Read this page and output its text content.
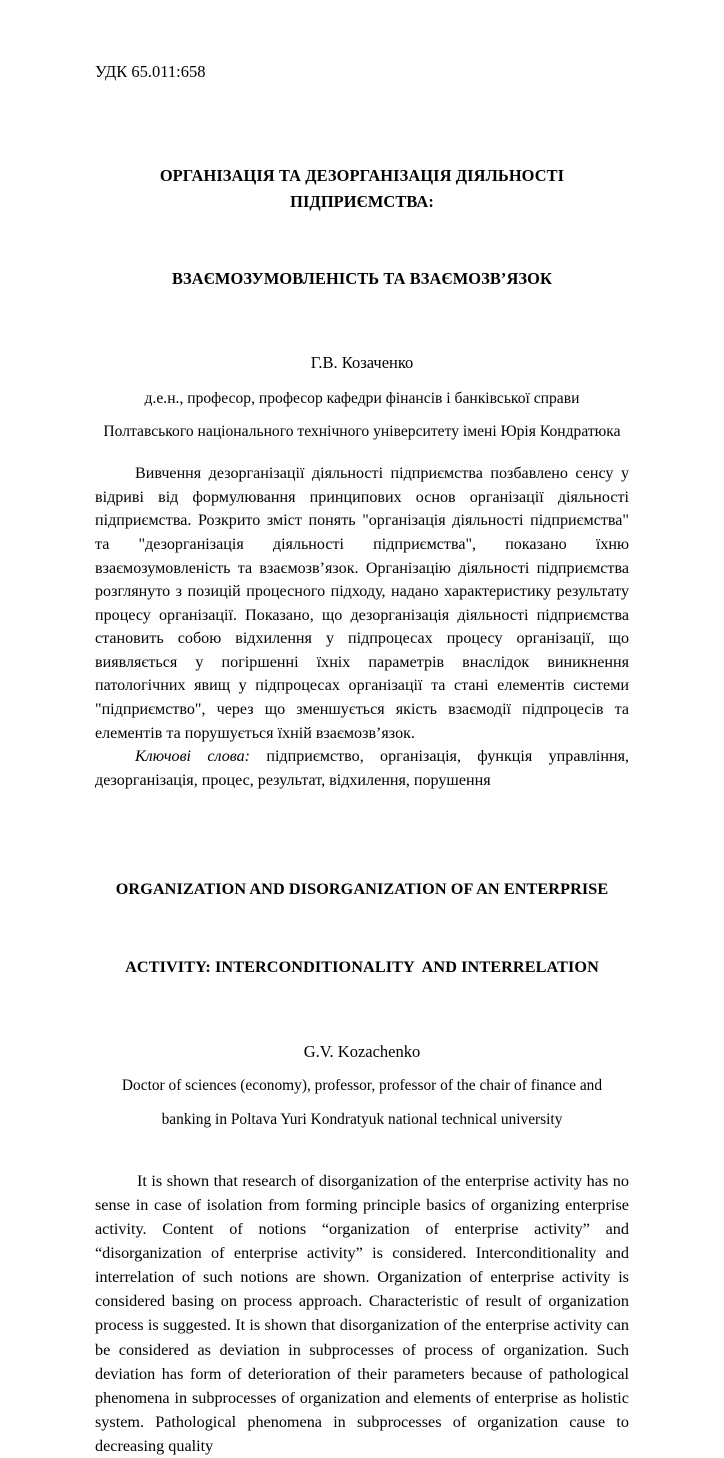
УДК 65.011:658

ОРГАНІЗАЦІЯ ТА ДЕЗОРГАНІЗАЦІЯ ДІЯЛЬНОСТІ ПІДПРИЄМСТВА:

ВЗАЄМОЗУМОВЛЕНІСТЬ ТА ВЗАЄМОЗВ’ЯЗОК

Г.В. Козаченко
д.е.н., професор, професор кафедри фінансів і банківської справи
Полтавського національного технічного університету імені Юрія Кондратюка
Вивчення дезорганізації діяльності підприємства позбавлено сенсу у відриві від формулювання принципових основ організації діяльності підприємства. Розкрито зміст понять "організація діяльності підприємства" та "дезорганізація діяльності підприємства", показано їхню взаємозумовленість та взаємозв’язок. Організацію діяльності підприємства розглянуто з позицій процесного підходу, надано характеристику результату процесу організації. Показано, що дезорганізація діяльності підприємства становить собою відхилення у підпроцесах процесу організації, що виявляється у погіршенні їхніх параметрів внаслідок виникнення патологічних явищ у підпроцесах організації та стані елементів системи "підприємство", через що зменшується якість взаємодії підпроцесів та елементів та порушується їхній взаємозв’язок.
Ключові слова: підприємство, організація, функція управління, дезорганізація, процес, результат, відхилення, порушення

ORGANIZATION AND DISORGANIZATION OF AN ENTERPRISE

ACTIVITY: INTERCONDITIONALITY  AND INTERRELATION

G.V. Kozachenko
Doctor of sciences (economy), professor, professor of the chair of finance and
banking in Poltava Yuri Kondratyuk national technical university
It is shown that research of disorganization of the enterprise activity has no sense in case of isolation from forming principle basics of organizing enterprise activity. Content of notions “organization of enterprise activity” and “disorganization of enterprise activity” is considered. Interconditionality and interrelation of such notions are shown. Organization of enterprise activity is considered basing on process approach. Characteristic of result of organization process is suggested. It is shown that disorganization of the enterprise activity can be considered as deviation in subprocesses of process of organization. Such deviation has form of deterioration of their parameters because of pathological phenomena in subprocesses of organization and elements of enterprise as holistic system. Pathological phenomena in subprocesses of organization cause to decreasing quality
